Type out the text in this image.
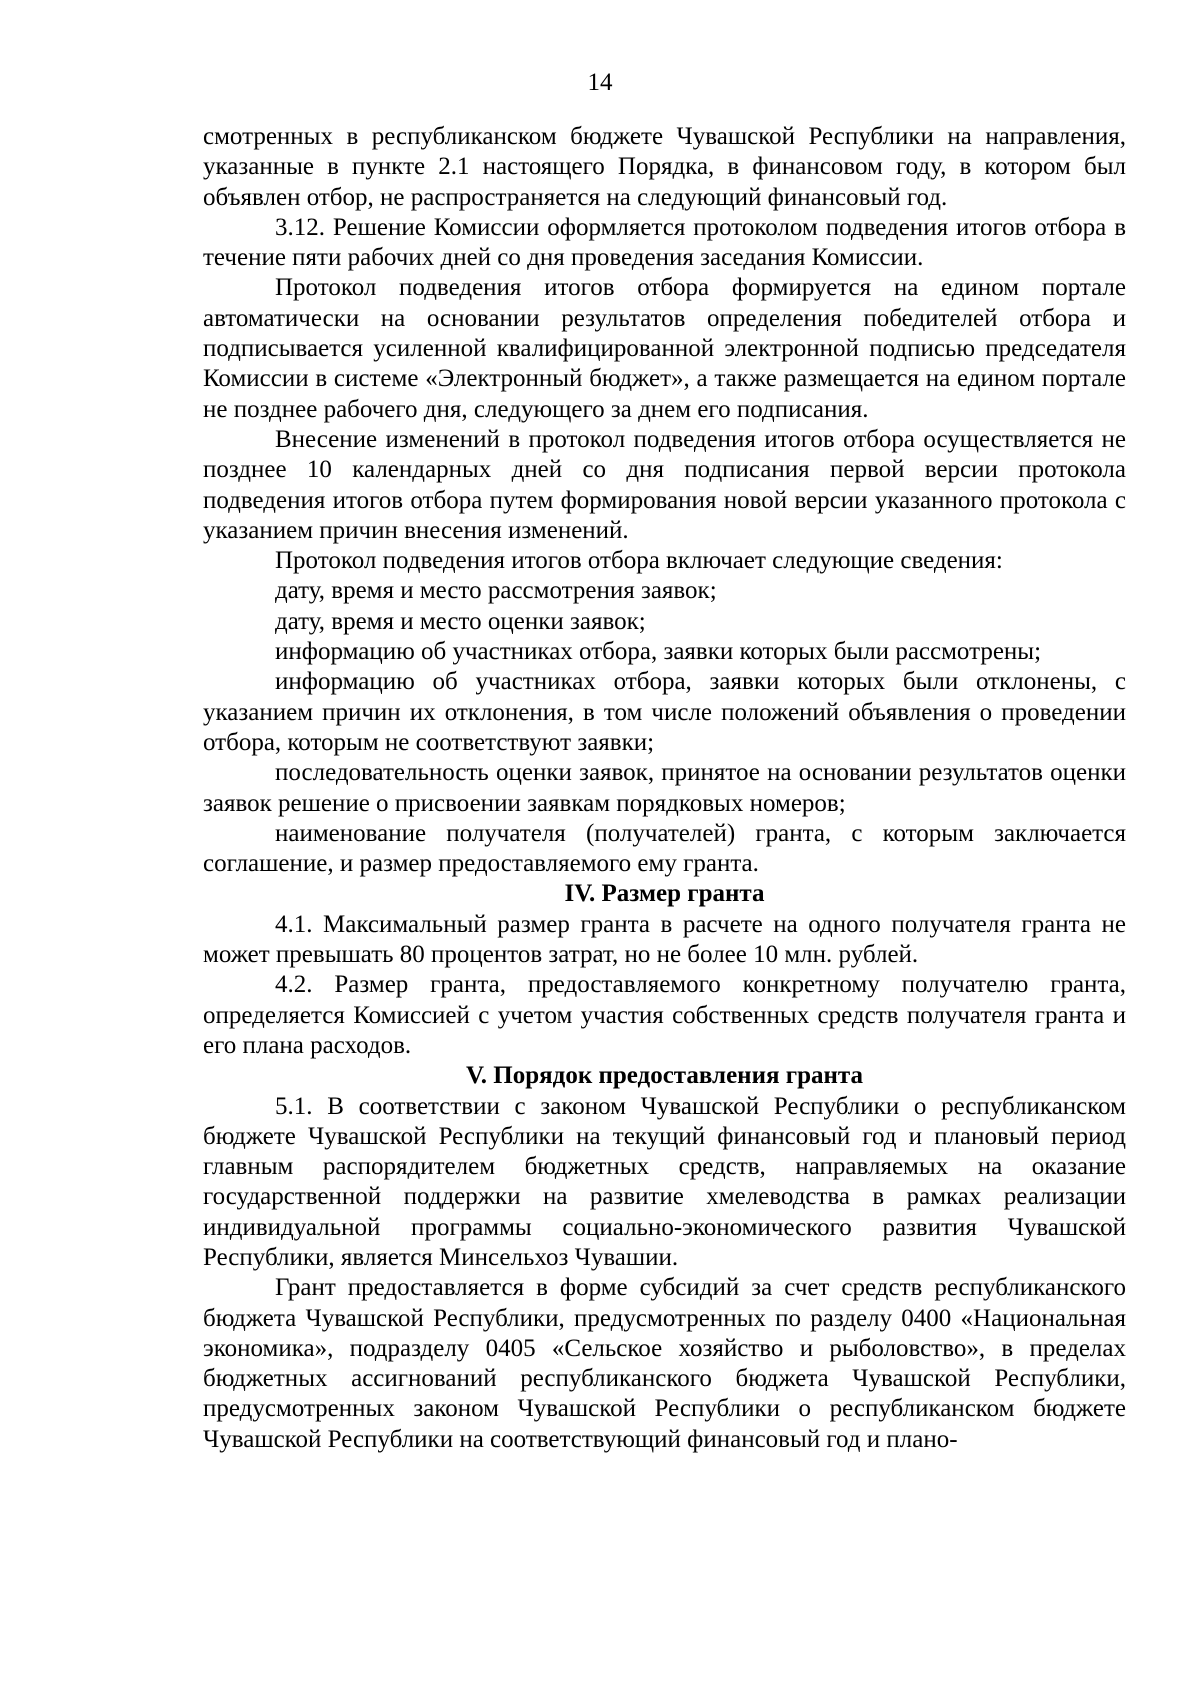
14

смотренных в республиканском бюджете Чувашской Республики на направления, указанные в пункте 2.1 настоящего Порядка, в финансовом году, в котором был объявлен отбор, не распространяется на следующий финансовый год.

3.12. Решение Комиссии оформляется протоколом подведения итогов отбора в течение пяти рабочих дней со дня проведения заседания Комиссии.

Протокол подведения итогов отбора формируется на едином портале автоматически на основании результатов определения победителей отбора и подписывается усиленной квалифицированной электронной подписью председателя Комиссии в системе «Электронный бюджет», а также размещается на едином портале не позднее рабочего дня, следующего за днем его подписания.

Внесение изменений в протокол подведения итогов отбора осуществляется не позднее 10 календарных дней со дня подписания первой версии протокола подведения итогов отбора путем формирования новой версии указанного протокола с указанием причин внесения изменений.

Протокол подведения итогов отбора включает следующие сведения:

дату, время и место рассмотрения заявок;

дату, время и место оценки заявок;

информацию об участниках отбора, заявки которых были рассмотрены;

информацию об участниках отбора, заявки которых были отклонены, с указанием причин их отклонения, в том числе положений объявления о проведении отбора, которым не соответствуют заявки;

последовательность оценки заявок, принятое на основании результатов оценки заявок решение о присвоении заявкам порядковых номеров;

наименование получателя (получателей) гранта, с которым заключается соглашение, и размер предоставляемого ему гранта.

IV. Размер гранта

4.1. Максимальный размер гранта в расчете на одного получателя гранта не может превышать 80 процентов затрат, но не более 10 млн. рублей.

4.2. Размер гранта, предоставляемого конкретному получателю гранта, определяется Комиссией с учетом участия собственных средств получателя гранта и его плана расходов.

V. Порядок предоставления гранта

5.1. В соответствии с законом Чувашской Республики о республиканском бюджете Чувашской Республики на текущий финансовый год и плановый период главным распорядителем бюджетных средств, направляемых на оказание государственной поддержки на развитие хмелеводства в рамках реализации индивидуальной программы социально-экономического развития Чувашской Республики, является Минсельхоз Чувашии.

Грант предоставляется в форме субсидий за счет средств республиканского бюджета Чувашской Республики, предусмотренных по разделу 0400 «Национальная экономика», подразделу 0405 «Сельское хозяйство и рыболовство», в пределах бюджетных ассигнований республиканского бюджета Чувашской Республики, предусмотренных законом Чувашской Республики о республиканском бюджете Чувашской Республики на соответствующий финансовый год и плано-
